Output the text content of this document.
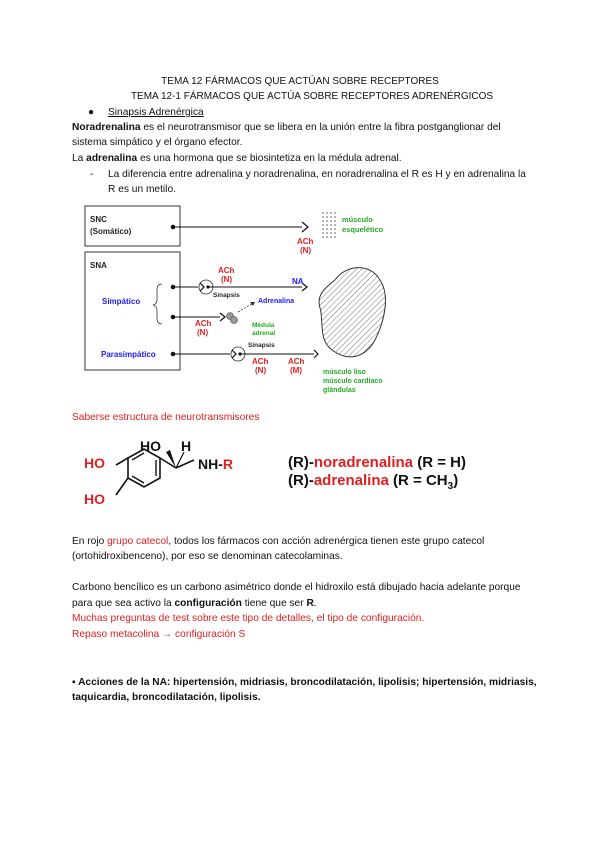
TEMA 12 FÁRMACOS QUE ACTÚAN SOBRE RECEPTORES
TEMA 12-1 FÁRMACOS QUE ACTÚA SOBRE RECEPTORES ADRENÉRGICOS
● Sinapsis Adrenérgica
Noradrenalina es el neurotransmisor que se libera en la unión entre la fibra postganglionar del
sistema simpático y el órgano efector.
La adrenalina es una hormona que se biosintetiza en la médula adrenal.
- La diferencia entre adrenalina y noradrenalina, en noradrenalina el R es H y en adrenalina la
R es un metilo.
SNC
(Somático)
ACh
(N)
músculo
esquelético
SNA
Simpático
Parasimpático
ACh
(N)
Sinapsis
NA
Adrenalina
Médula
adrenal
ACh
(N)
Sinapsis
ACh
(N)
ACh
(M)	músculo liso
músculo cardíaco
glándulas
Saberse estructura de neurotransmisores
HO
HO
HO H
NH-R	(R)-noradrenalina (R = H)
(R)-adrenalina $(R = CH_3)$
En rojo grupo catecol, todos los fármacos con acción adrenérgica tienen este grupo catecol
(ortohidroxibenceno), por eso se denominan catecolaminas.
Carbono bencílico es un carbono asimétrico donde el hidroxilo está dibujado hacia adelante porque
para que sea activo la configuración tiene que ser R.
Muchas preguntas de test sobre este tipo de detalles, el tipo de configuración.
Repaso metacolina → configuración S
▪ Acciones de la NA: hipertensión, midriasis, broncodilatación, lipolisis; hipertensión, midriasis,
taquicardia, broncodilatación, lipolisis.
